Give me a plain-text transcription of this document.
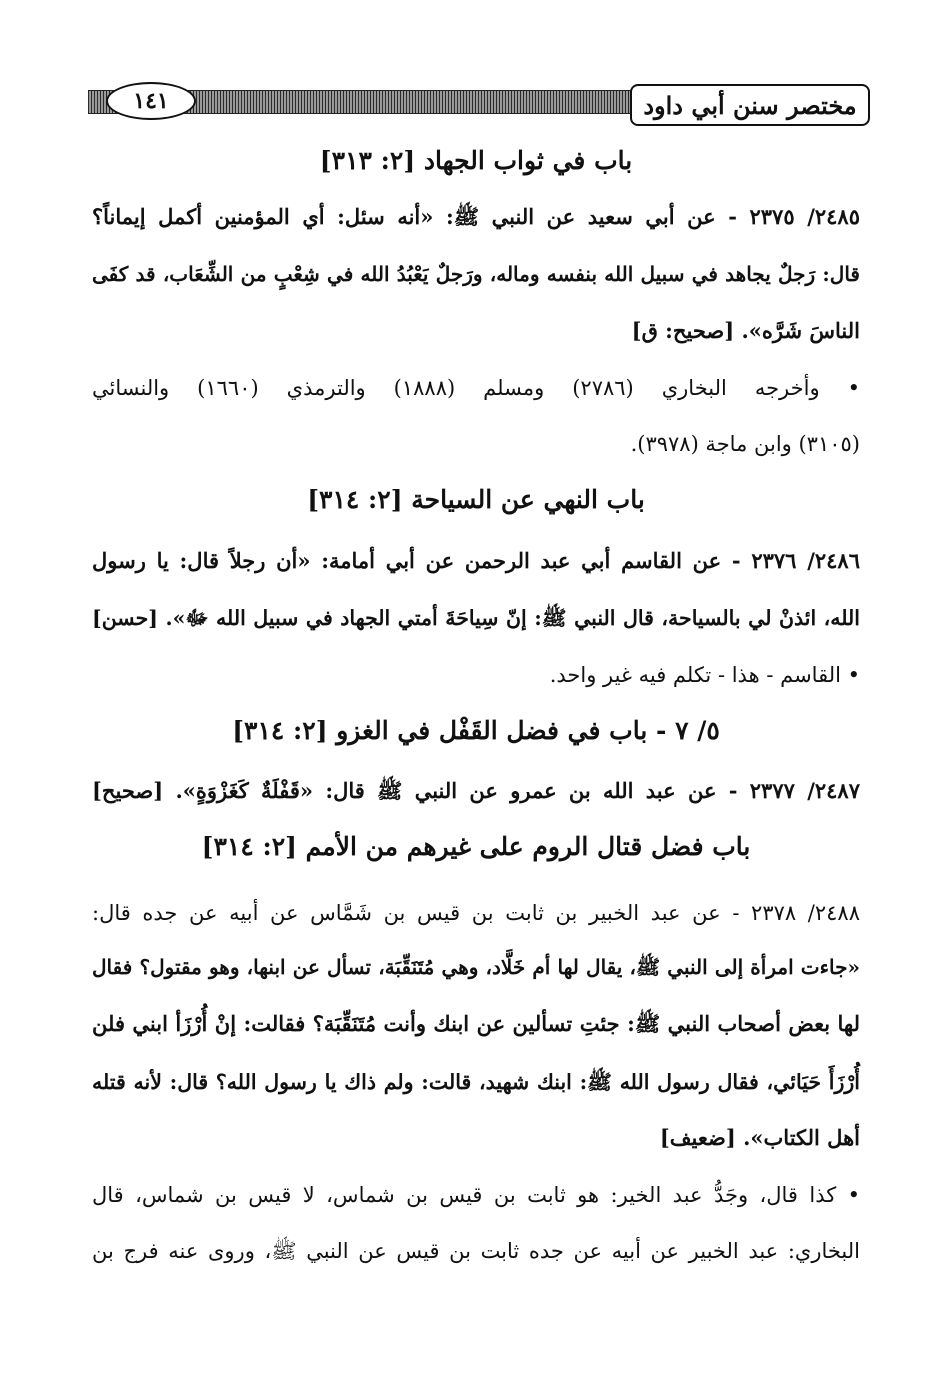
مختصر سنن أبي داود
١٤١
باب في ثواب الجهاد [٢: ٣١٣]
٢٤٨٥/ ٢٣٧٥ - عن أبي سعيد عن النبي ﷺ: «أنه سئل: أي المؤمنين أكمل إيماناً؟
قال: رَجلٌ يجاهد في سبيل الله بنفسه وماله، ورَجلٌ يَعْبُدُ الله في شِعْبٍ من الشِّعَاب، قد كفَى
الناسَ شَرَّه». [صحيح: ق]
• وأخرجه البخاري (٢٧٨٦) ومسلم (١٨٨٨) والترمذي (١٦٦٠) والنسائي
(٣١٠٥) وابن ماجة (٣٩٧٨).
باب النهي عن السياحة [٢: ٣١٤]
٢٤٨٦/ ٢٣٧٦ - عن القاسم أبي عبد الرحمن عن أبي أمامة: «أن رجلاً قال: يا رسول
الله، ائذنْ لي بالسياحة، قال النبي ﷺ: إنّ سِياحَةَ أمتي الجهاد في سبيل الله ﷻ». [حسن]
• القاسم - هذا - تكلم فيه غير واحد.
٥/ ٧ - باب في فضل القَفْل في الغزو [٢: ٣١٤]
٢٤٨٧/ ٢٣٧٧ - عن عبد الله بن عمرو عن النبي ﷺ قال: «قَفْلَةٌ كَغَزْوَةٍ». [صحيح]
باب فضل قتال الروم على غيرهم من الأمم [٢: ٣١٤]
٢٤٨٨/ ٢٣٧٨ - عن عبد الخبير بن ثابت بن قيس بن شَمَّاس عن أبيه عن جده قال:
«جاءت امرأة إلى النبي ﷺ، يقال لها أم خَلَّاد، وهي مُتَنَقِّبَة، تسأل عن ابنها، وهو مقتول؟ فقال
لها بعض أصحاب النبي ﷺ: جئتِ تسألين عن ابنك وأنت مُتَنَقِّبَة؟ فقالت: إنْ أُرْزَأ ابني فلن
أُرْزَأَ حَيَائي، فقال رسول الله ﷺ: ابنك شهيد، قالت: ولم ذاك يا رسول الله؟ قال: لأنه قتله
أهل الكتاب». [ضعيف]
• كذا قال، وجَدُّ عبد الخير: هو ثابت بن قيس بن شماس، لا قيس بن شماس، قال
البخاري: عبد الخبير عن أبيه عن جده ثابت بن قيس عن النبي ﷺ، وروى عنه فرج بن
